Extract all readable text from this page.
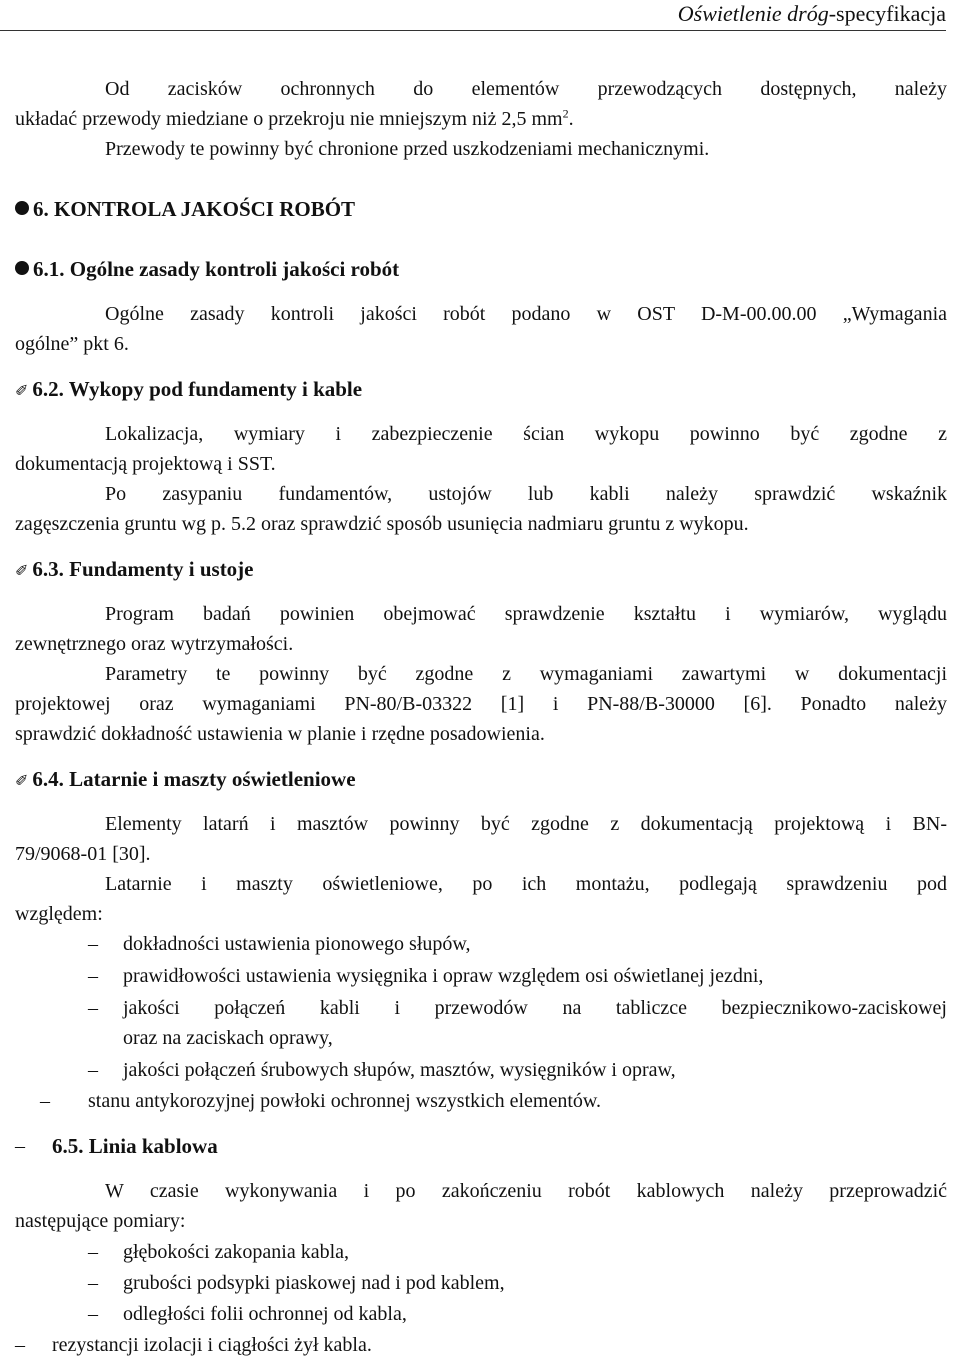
Oświetlenie dróg-specyfikacja
Od zacisków ochronnych do elementów przewodzących dostępnych, należy
układać przewody miedziane o przekroju nie mniejszym niż 2,5 $mm^2$.
Przewody te powinny być chronione przed uszkodzeniami mechanicznymi.
6. KONTROLA JAKOŚCI ROBÓT
6.1. Ogólne zasady kontroli jakości robót
Ogólne zasady kontroli jakości robót podano w OST D-M-00.00.00 „Wymagania
ogólne” pkt 6.
✐ 6.2. Wykopy pod fundamenty i kable
Lokalizacja, wymiary i zabezpieczenie ścian wykopu powinno być zgodne z
dokumentacją projektową i SST.
Po zasypaniu fundamentów, ustojów lub kabli należy sprawdzić wskaźnik
zagęszczenia gruntu wg p. 5.2 oraz sprawdzić sposób usunięcia nadmiaru gruntu z wykopu.
✐ 6.3. Fundamenty i ustoje
Program badań powinien obejmować sprawdzenie kształtu i wymiarów, wyglądu
zewnętrznego oraz wytrzymałości.
Parametry te powinny być zgodne z wymaganiami zawartymi w dokumentacji
projektowej oraz wymaganiami PN-80/B-03322 [1] i PN-88/B-30000 [6]. Ponadto należy
sprawdzić dokładność ustawienia w planie i rzędne posadowienia.
✐ 6.4. Latarnie i maszty oświetleniowe
Elementy latarń i masztów powinny być zgodne z dokumentacją projektową i BN-
79/9068-01 [30].
Latarnie i maszty oświetleniowe, po ich montażu, podlegają sprawdzeniu pod
względem:
– dokładności ustawienia pionowego słupów,
– prawidłowości ustawienia wysięgnika i opraw względem osi oświetlanej jezdni,
– jakości połączeń kabli i przewodów na tabliczce bezpiecznikowo-zaciskowej
oraz na zaciskach oprawy,
– jakości połączeń śrubowych słupów, masztów, wysięgników i opraw,
– stanu antykorozyjnej powłoki ochronnej wszystkich elementów.
– 6.5. Linia kablowa
W czasie wykonywania i po zakończeniu robót kablowych należy przeprowadzić
następujące pomiary:
– głębokości zakopania kabla,
– grubości podsypki piaskowej nad i pod kablem,
– odległości folii ochronnej od kabla,
– rezystancji izolacji i ciągłości żył kabla.
